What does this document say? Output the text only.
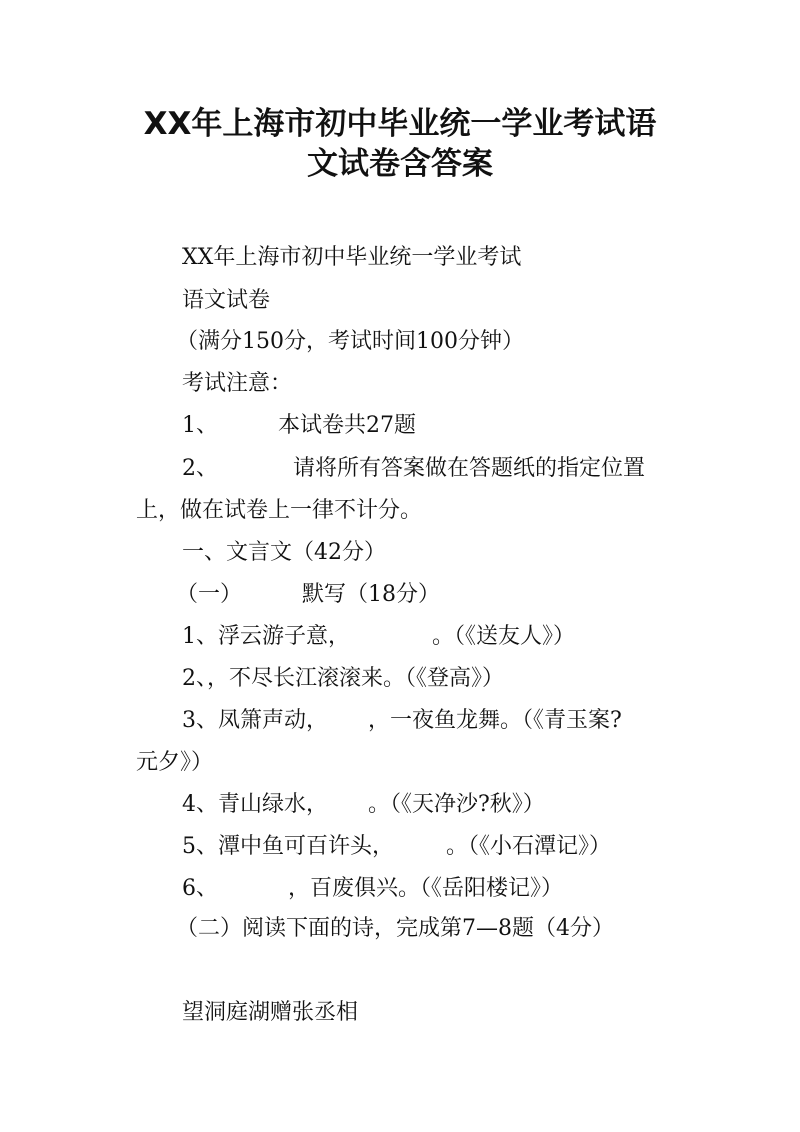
XX年上海市初中毕业统一学业考试语
文试卷含答案
XX年上海市初中毕业统一学业考试
语文试卷
（满分150分，考试时间100分钟）
考试注意：
1、	本试卷共27题
2、	请将所有答案做在答题纸的指定位置
上，做在试卷上一律不计分。
一、文言文（42分）
（一）	默写（18分）
1、浮云游子意，	。（《送友人》）
2、，不尽长江滚滚来。（《登高》）
3、凤箫声动， ，一夜鱼龙舞。（《青玉案?
元夕》）
4、青山绿水， 。（《天净沙?秋》）
5、潭中鱼可百许头， 。（《小石潭记》）
6、	，百废俱兴。（《岳阳楼记》）
（二）阅读下面的诗，完成第7—8题（4分）
望洞庭湖赠张丞相
